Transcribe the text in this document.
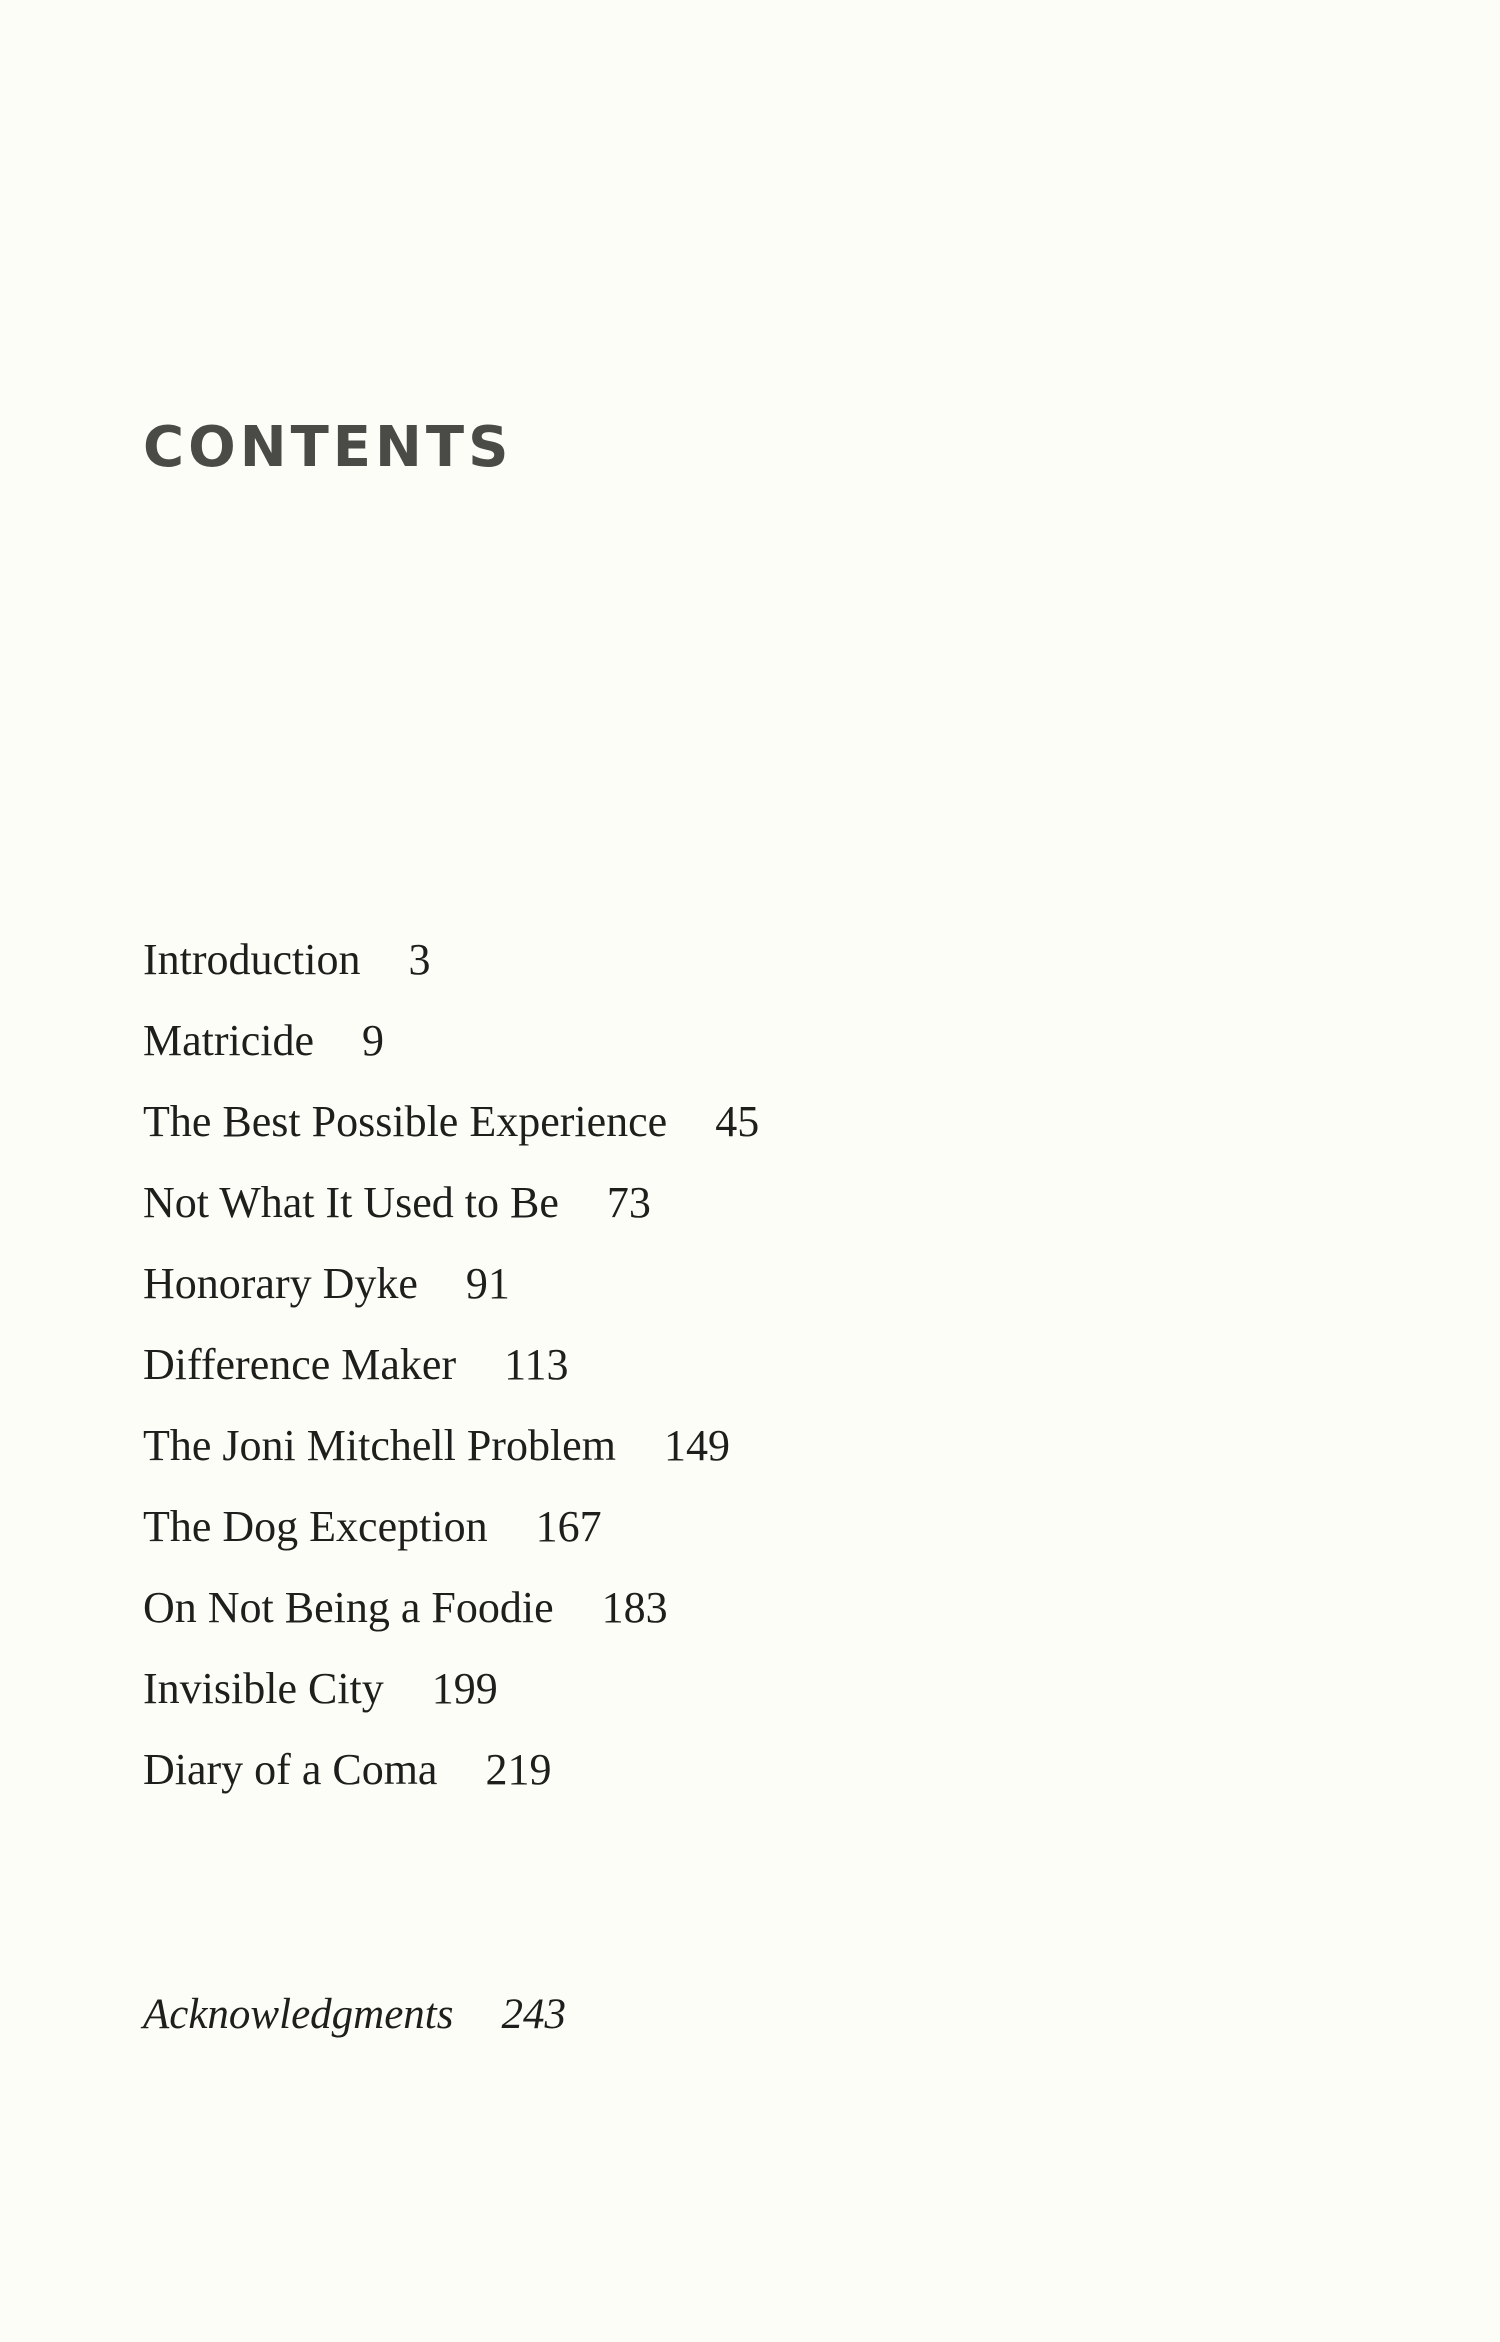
CONTENTS
Introduction 3
Matricide 9
The Best Possible Experience 45
Not What It Used to Be 73
Honorary Dyke 91
Difference Maker 113
The Joni Mitchell Problem 149
The Dog Exception 167
On Not Being a Foodie 183
Invisible City 199
Diary of a Coma 219
Acknowledgments 243
